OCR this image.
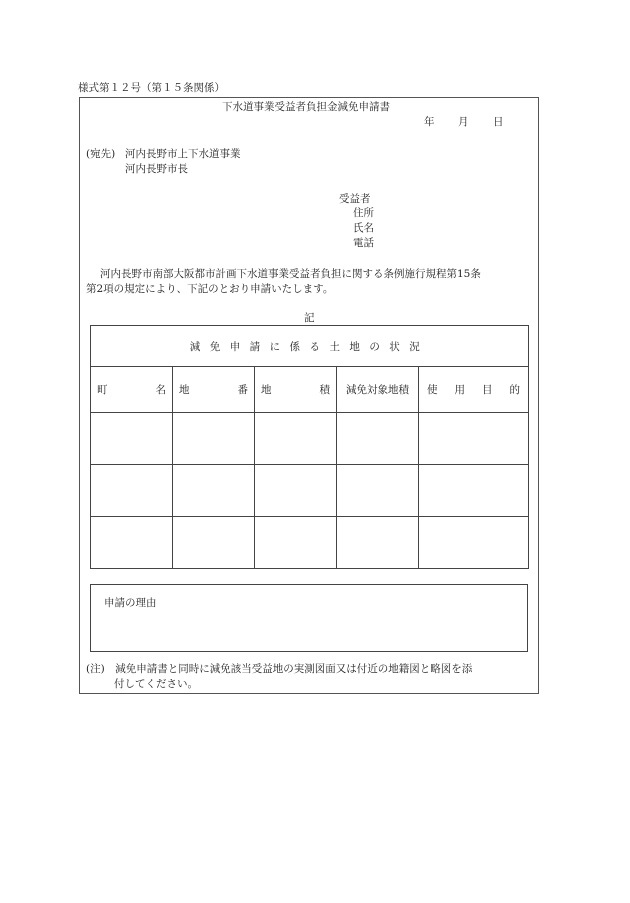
様式第１２号（第１５条関係）
下水道事業受益者負担金減免申請書
年 月 日
(宛先) 河内長野市上下水道事業
河内長野市長
受益者
住所
氏名
電話
河内長野市南部大阪都市計画下水道事業受益者負担に関する条例施行規程第15条
第2項の規定により、下記のとおり申請いたします。
記
減免申請に係る土地の状況				

町 名	地 番	地 積	減免対象地積	使 用 目 的

申請の理由
(注)　減免申請書と同時に減免該当受益地の実測図面又は付近の地籍図と略図を添
付してください。
